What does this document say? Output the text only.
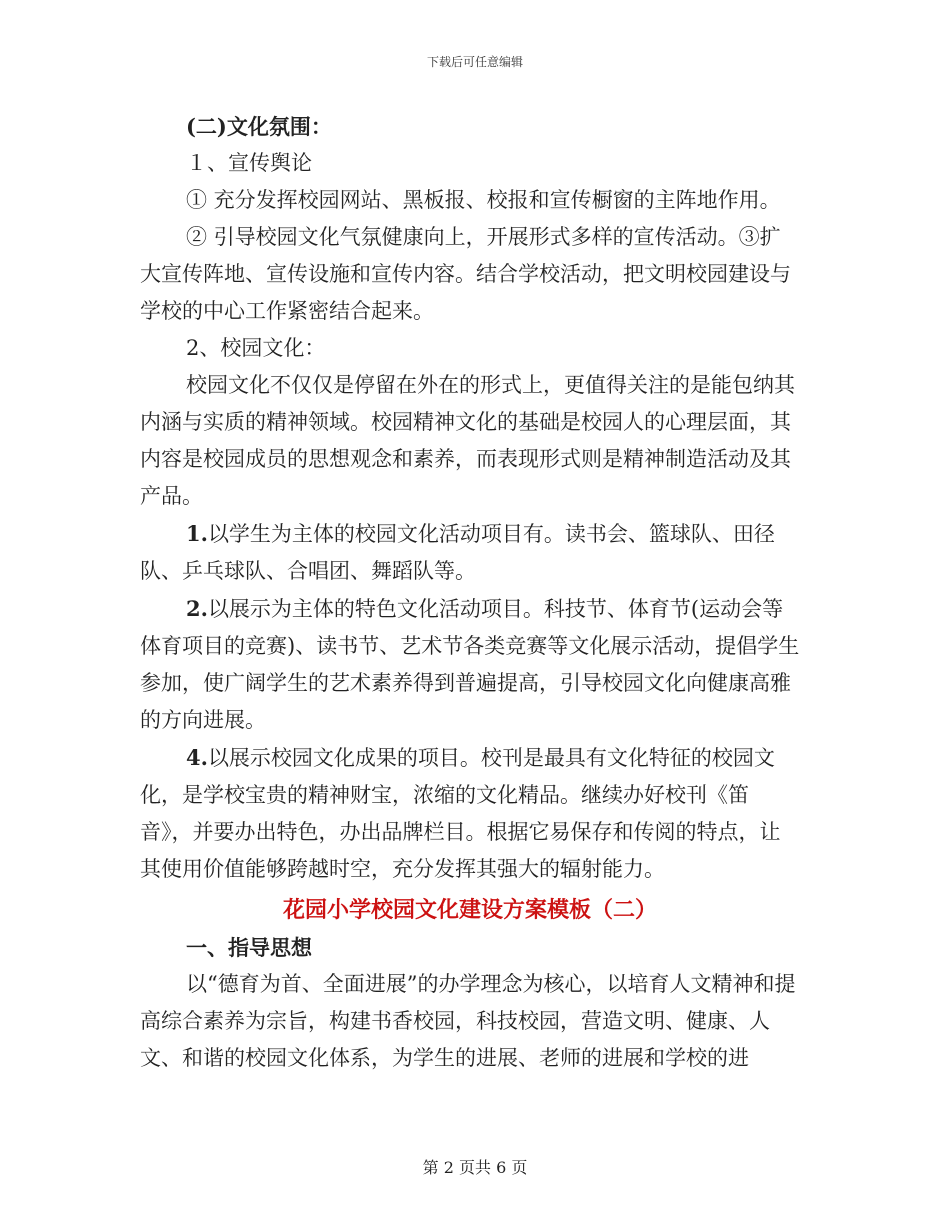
下载后可任意编辑

(二)文化氛围：

１、宣传舆论

① 充分发挥校园网站、黑板报、校报和宣传橱窗的主阵地作用。

② 引导校园文化气氛健康向上，开展形式多样的宣传活动。③扩大宣传阵地、宣传设施和宣传内容。结合学校活动，把文明校园建设与学校的中心工作紧密结合起来。

2、校园文化：

校园文化不仅仅是停留在外在的形式上，更值得关注的是能包纳其内涵与实质的精神领域。校园精神文化的基础是校园人的心理层面，其内容是校园成员的思想观念和素养，而表现形式则是精神制造活动及其产品。

1.以学生为主体的校园文化活动项目有。读书会、篮球队、田径队、乒乓球队、合唱团、舞蹈队等。

2.以展示为主体的特色文化活动项目。科技节、体育节(运动会等体育项目的竞赛)、读书节、艺术节各类竞赛等文化展示活动，提倡学生参加，使广阔学生的艺术素养得到普遍提高，引导校园文化向健康高雅的方向进展。

4.以展示校园文化成果的项目。校刊是最具有文化特征的校园文化，是学校宝贵的精神财宝，浓缩的文化精品。继续办好校刊《笛音》，并要办出特色，办出品牌栏目。根据它易保存和传阅的特点，让其使用价值能够跨越时空，充分发挥其强大的辐射能力。

花园小学校园文化建设方案模板（二）

一、指导思想

以“德育为首、全面进展”的办学理念为核心，以培育人文精神和提高综合素养为宗旨，构建书香校园，科技校园，营造文明、健康、人文、和谐的校园文化体系，为学生的进展、老师的进展和学校的进

第 2 页共 6 页
